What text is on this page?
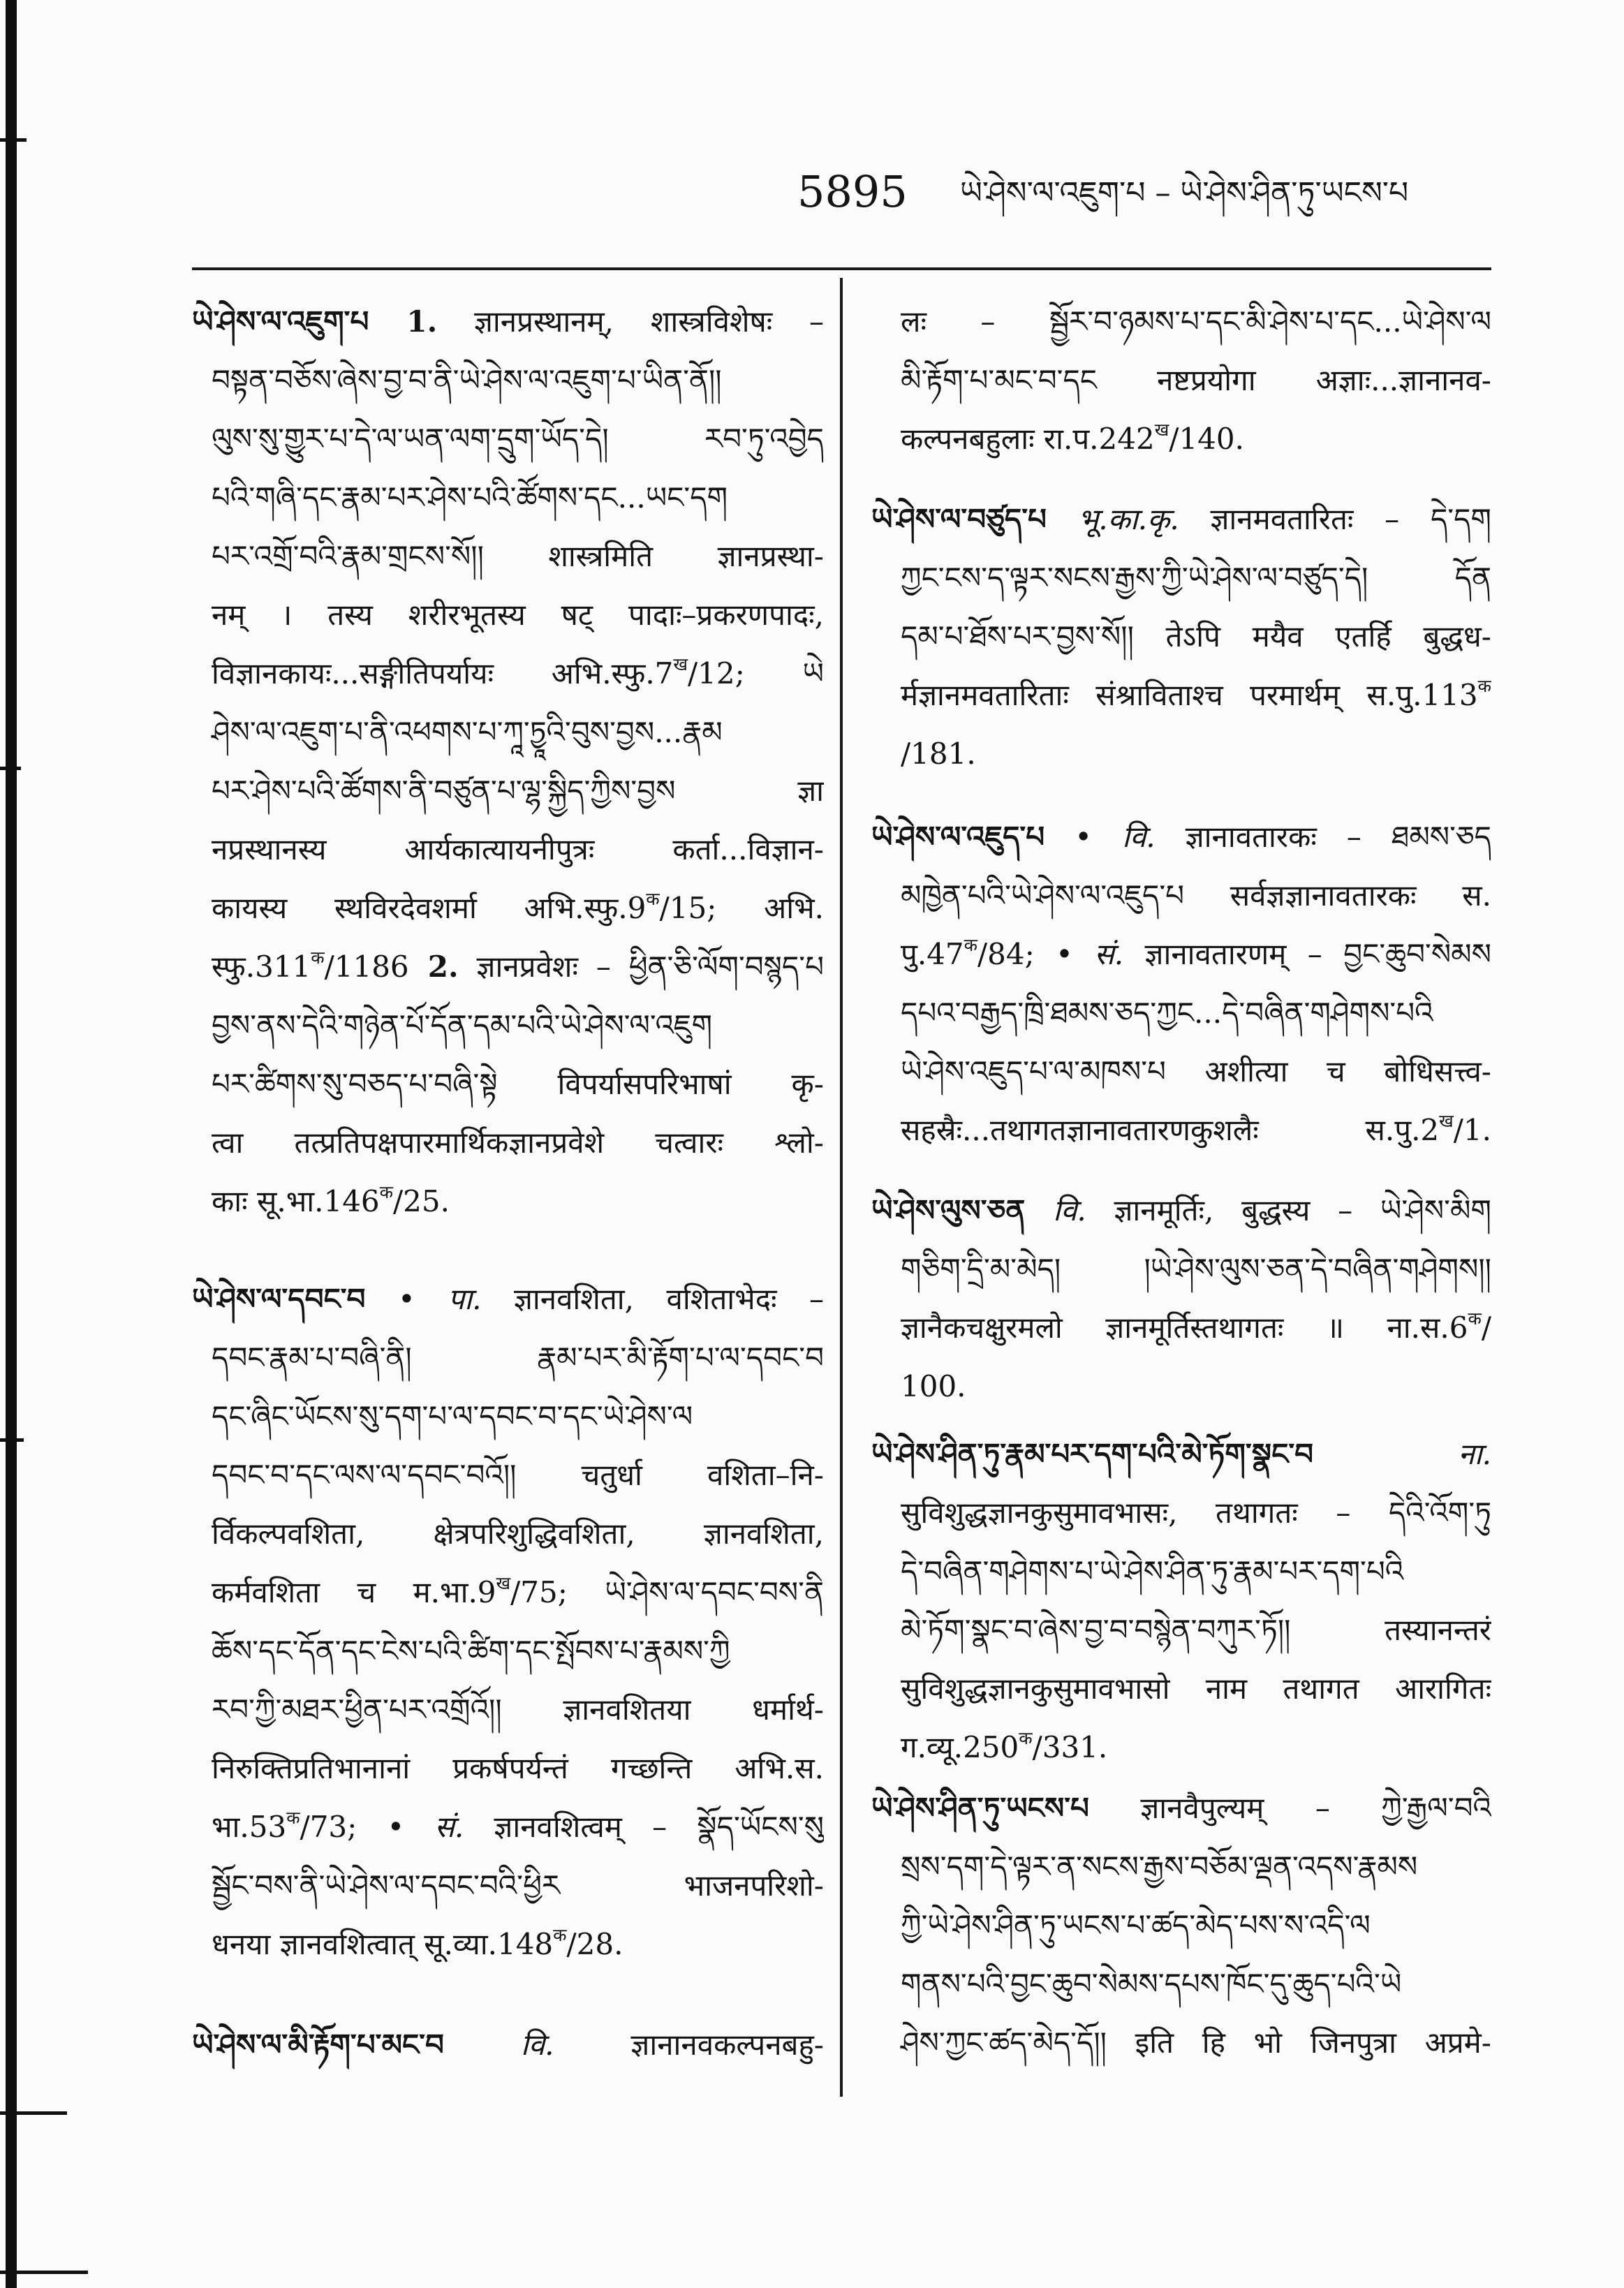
5895 ཡེ་ཤེས་ལ་འཇུག་པ – ཡེ་ཤེས་ཤིན་ཏུ་ཡངས་པ
ཡེ་ཤེས་ལ་འཇུག་པ 1. ज्ञानप्रस्थानम्, शास्त्रविशेषः –
བསྟན་བཅོས་ཞེས་བྱ་བ་ནི་ཡེ་ཤེས་ལ་འཇུག་པ་ཡིན་ནོ།།
ལུས་སུ་གྱུར་པ་དེ་ལ་ཡན་ལག་དྲུག་ཡོད་དེ། རབ་ཏུ་འབྱེད
པའི་གཞི་དང་རྣམ་པར་ཤེས་པའི་ཚོགས་དང...ཡང་དག
པར་འགྲོ་བའི་རྣམ་གྲངས་སོ།། शास्त्रमिति ज्ञानप्रस्था-
नम् । तस्य शरीरभूतस्य षट् पादाः–प्रकरणपादः,
विज्ञानकायः...सङ्गीतिपर्यायः $अभि.स्फु.7^ख/12$; ཡེ
ཤེས་ལ་འཇུག་པ་ནི་འཕགས་པ་ཀཱ་ཏྱཱའི་བུས་བྱས...རྣམ
པར་ཤེས་པའི་ཚོགས་ནི་བཙུན་པ་ལྷ་སྐྱིད་ཀྱིས་བྱས ज्ञा
नप्रस्थानस्य आर्यकात्यायनीपुत्रः कर्ता...विज्ञान-
कायस्य स्थविरदेवशर्मा $अभि.स्फु.9^क/15$; अभि.
$स्फु.311^क/1186$ 2. ज्ञानप्रवेशः – ཕྱིན་ཅི་ལོག་བསྙད་པ
བྱས་ནས་དེའི་གཉེན་པོ་དོན་དམ་པའི་ཡེ་ཤེས་ལ་འཇུག
པར་ཚིགས་སུ་བཅད་པ་བཞི་སྟེ विपर्यासपरिभाषां कृ-
त्वा तत्प्रतिपक्षपारमार्थिकज्ञानप्रवेशे चत्वारः श्लो-
काः $सू.भा.146^क/25$.
ཡེ་ཤེས་ལ་དབང་བ • पा. ज्ञानवशिता, वशिताभेदः –
དབང་རྣམ་པ་བཞི་ནི། རྣམ་པར་མི་རྟོག་པ་ལ་དབང་བ
དང་ཞིང་ཡོངས་སུ་དག་པ་ལ་དབང་བ་དང་ཡེ་ཤེས་ལ
དབང་བ་དང་ལས་ལ་དབང་བའོ།། चतुर्धा वशिता–नि-
र्विकल्पवशिता, क्षेत्रपरिशुद्धिवशिता, ज्ञानवशिता,
कर्मवशिता च $म.भा.9^ख/75$; ཡེ་ཤེས་ལ་དབང་བས་ནི
ཆོས་དང་དོན་དང་ངེས་པའི་ཚིག་དང་སྤོབས་པ་རྣམས་ཀྱི
རབ་ཀྱི་མཐར་ཕྱིན་པར་འགྲོའོ།། ज्ञानवशितया धर्मार्थ-
निरुक्तिप्रतिभानानां प्रकर्षपर्यन्तं गच्छन्ति अभि.स.
$भा.53^क/73$; • सं. ज्ञानवशित्वम् – སྣོད་ཡོངས་སུ
སྦྱོང་བས་ནི་ཡེ་ཤེས་ལ་དབང་བའི་ཕྱིར भाजनपरिशो-
धनया ज्ञानवशित्वात् $सू.व्या.148^क/28$.
ཡེ་ཤེས་ལ་མི་རྟོག་པ་མང་བ वि. ज्ञानानवकल्पनबहु-
लः – སྦྱོར་བ་ཉམས་པ་དང་མི་ཤེས་པ་དང...ཡེ་ཤེས་ལ
མི་རྟོག་པ་མང་བ་དང नष्टप्रयोगा अज्ञाः...ज्ञानानव-
कल्पनबहुलाः $रा.प.242^ख/140$.
ཡེ་ཤེས་ལ་བཙུད་པ भू.का.कृ. ज्ञानमवतारितः – དེ་དག
ཀྱང་ངས་ད་ལྟར་སངས་རྒྱས་ཀྱི་ཡེ་ཤེས་ལ་བཙུད་དེ། དོན
དམ་པ་ཐོས་པར་བྱས་སོ།། तेऽपि मयैव एतर्हि बुद्धध-
र्मज्ञानमवतारिताः संश्राविताश्च परमार्थम् $स.पु.113^क$
/181.
ཡེ་ཤེས་ལ་འཇུད་པ • वि. ज्ञानावतारकः – ཐམས་ཅད
མཁྱེན་པའི་ཡེ་ཤེས་ལ་འཇུད་པ सर्वज्ञज्ञानावतारकः स.
$पु.47^क/84$; • सं. ज्ञानावतारणम् – བྱང་ཆུབ་སེམས
དཔའ་བརྒྱད་ཁྲི་ཐམས་ཅད་ཀྱང...དེ་བཞིན་གཤེགས་པའི
ཡེ་ཤེས་འཇུད་པ་ལ་མཁས་པ अशीत्या च बोधिसत्त्व-
सहस्रैः...तथागतज्ञानावतारणकुशलैः $स.पु.2^ख/1$.
ཡེ་ཤེས་ལུས་ཅན वि. ज्ञानमूर्तिः, बुद्धस्य – ཡེ་ཤེས་མིག
གཅིག་དྲི་མ་མེད། །ཡེ་ཤེས་ལུས་ཅན་དེ་བཞིན་གཤེགས།།
ज्ञानैकचक्षुरमलो ज्ञानमूर्तिस्तथागतः ॥ $ना.स.6^क/$
100.
ཡེ་ཤེས་ཤིན་ཏུ་རྣམ་པར་དག་པའི་མེ་ཏོག་སྣང་བ ना.
सुविशुद्धज्ञानकुसुमावभासः, तथागतः – དེའི་འོག་ཏུ
དེ་བཞིན་གཤེགས་པ་ཡེ་ཤེས་ཤིན་ཏུ་རྣམ་པར་དག་པའི
མེ་ཏོག་སྣང་བ་ཞེས་བྱ་བ་བསྙེན་བཀུར་ཏོ།། तस्यानन्तरं
सुविशुद्धज्ञानकुसुमावभासो नाम तथागत आरागितः
$ग.व्यू.250^क/331$.
ཡེ་ཤེས་ཤིན་ཏུ་ཡངས་པ ज्ञानवैपुल्यम् – ཀྱེ་རྒྱལ་བའི
སྲས་དག་དེ་ལྟར་ན་སངས་རྒྱས་བཅོམ་ལྡན་འདས་རྣམས
ཀྱི་ཡེ་ཤེས་ཤིན་ཏུ་ཡངས་པ་ཚད་མེད་པས་ས་འདི་ལ
གནས་པའི་བྱང་ཆུབ་སེམས་དཔས་ཁོང་དུ་ཆུད་པའི་ཡེ
ཤེས་ཀྱང་ཚད་མེད་དོ།། इति हि भो जिनपुत्रा अप्रमे-
